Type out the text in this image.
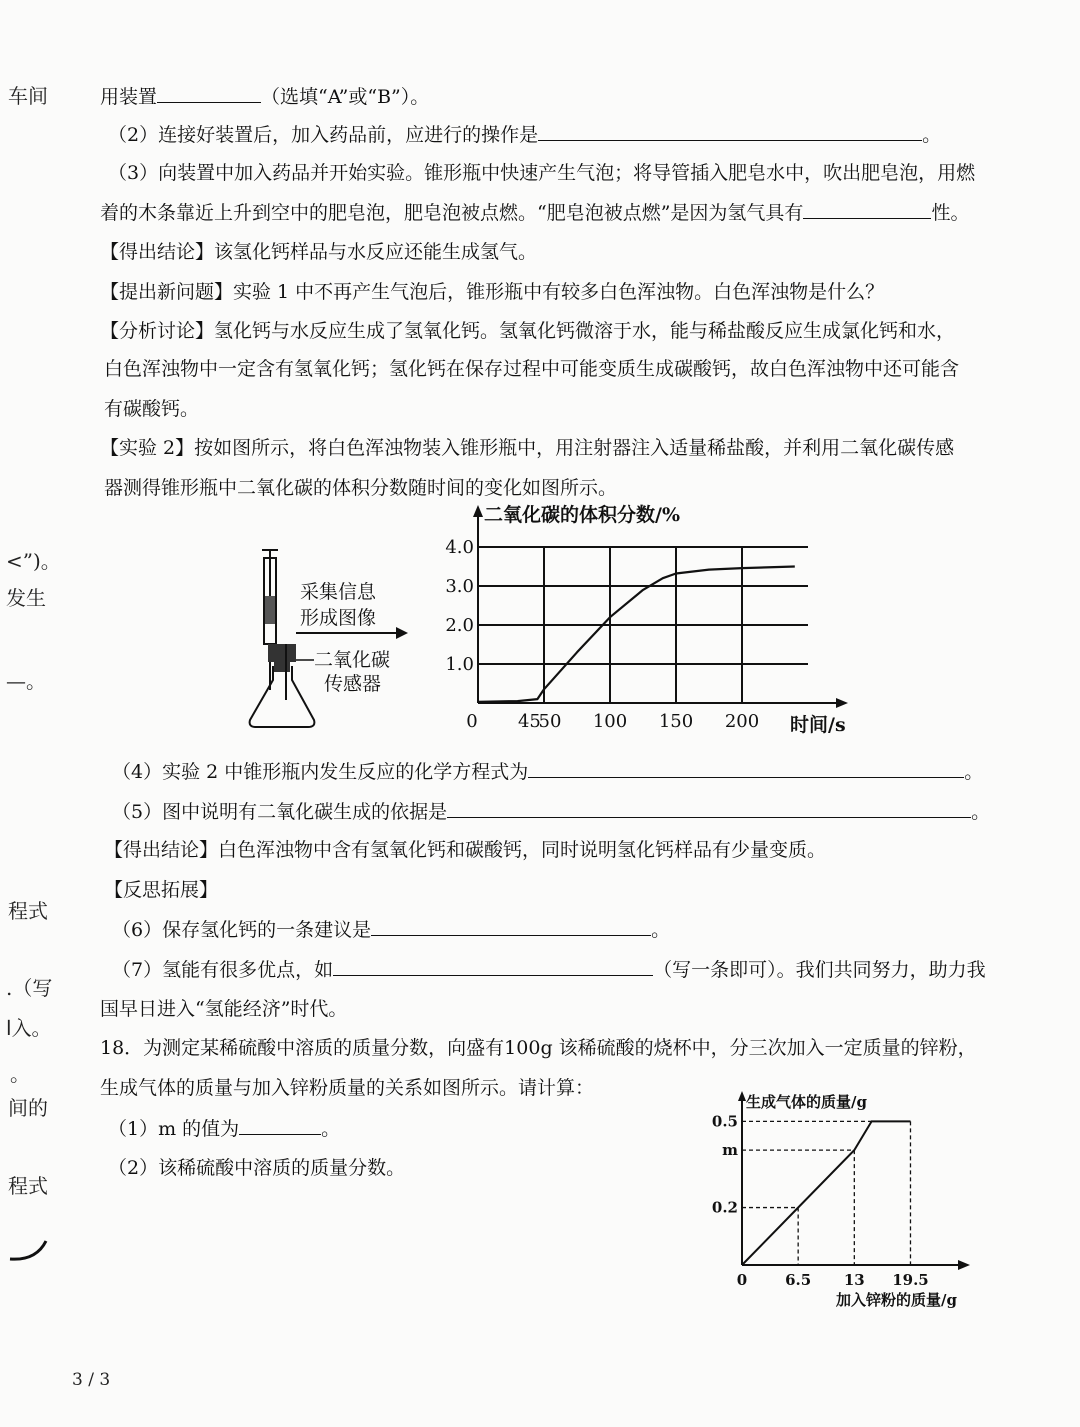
车间
<”)。
发生
—。
程式
.（写
ا入。
。
间的
程式
用装置	（选填“A”或“B”）。
（2）连接好装置后，加入药品前，应进行的操作是	。
（3）向装置中加入药品并开始实验。锥形瓶中快速产生气泡；将导管插入肥皂水中，吹出肥皂泡，用燃
着的木条靠近上升到空中的肥皂泡，肥皂泡被点燃。“肥皂泡被点燃”是因为氢气具有	性。
【得出结论】该氢化钙样品与水反应还能生成氢气。
【提出新问题】实验 1 中不再产生气泡后，锥形瓶中有较多白色浑浊物。白色浑浊物是什么？
【分析讨论】氢化钙与水反应生成了氢氧化钙。氢氧化钙微溶于水，能与稀盐酸反应生成氯化钙和水，
白色浑浊物中一定含有氢氧化钙；氢化钙在保存过程中可能变质生成碳酸钙，故白色浑浊物中还可能含
有碳酸钙。
【实验 2】按如图所示，将白色浑浊物装入锥形瓶中，用注射器注入适量稀盐酸，并利用二氧化碳传感
器测得锥形瓶中二氧化碳的体积分数随时间的变化如图所示。
采集信息
形成图像
二氧化碳
传感器
1.0
2.0
3.0
4.0
0 45
50 100 150 200
二氧化碳的体积分数/%
时间/s
（4）实验 2 中锥形瓶内发生反应的化学方程式为	。
（5）图中说明有二氧化碳生成的依据是	。
【得出结论】白色浑浊物中含有氢氧化钙和碳酸钙，同时说明氢化钙样品有少量变质。
【反思拓展】
（6）保存氢化钙的一条建议是	。
（7）氢能有很多优点，如	（写一条即可）。我们共同努力，助力我
国早日进入“氢能经济”时代。
18．为测定某稀硫酸中溶质的质量分数，向盛有100g 该稀硫酸的烧杯中，分三次加入一定质量的锌粉，
生成气体的质量与加入锌粉质量的关系如图所示。请计算：
（1）m 的值为	。
（2）该稀硫酸中溶质的质量分数。
0.2
m
0.5
0	6.5 13 19.5
生成气体的质量/g
加入锌粉的质量/g
3 / 3
